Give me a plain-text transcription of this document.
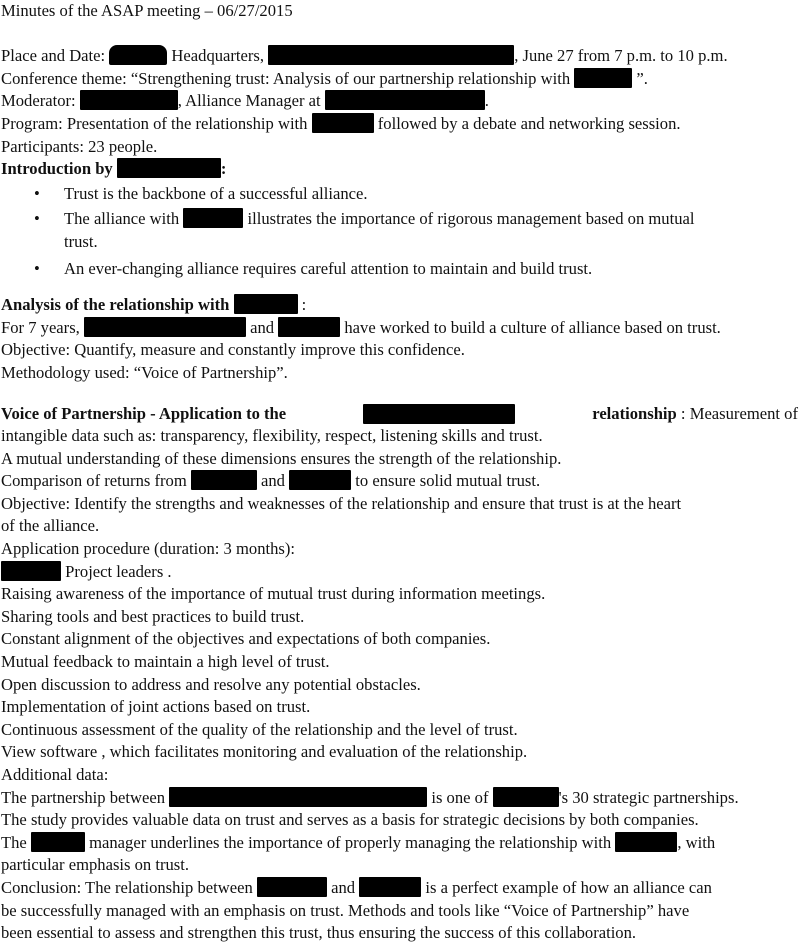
Minutes of the ASAP meeting – 06/27/2015
Place and Date:	Headquarters,	, June 27 from 7 p.m. to 10 p.m.
Conference theme: “Strengthening trust: Analysis of our partnership relationship with	”.
Moderator:	, Alliance Manager at	.
Program: Presentation of the relationship with	followed by a debate and networking session.
Participants: 23 people.
Introduction by	:
• Trust is the backbone of a successful alliance.
• The alliance with	illustrates the importance of rigorous management based on mutual
trust.
• An ever-changing alliance requires careful attention to maintain and build trust.
Analysis of the relationship with	:
For 7 years,	and	have worked to build a culture of alliance based on trust.
Objective: Quantify, measure and constantly improve this confidence.
Methodology used: “Voice of Partnership”.
Voice of Partnership - Application to the	relationship : Measurement of
intangible data such as: transparency, flexibility, respect, listening skills and trust.
A mutual understanding of these dimensions ensures the strength of the relationship.
Comparison of returns from	and	to ensure solid mutual trust.
Objective: Identify the strengths and weaknesses of the relationship and ensure that trust is at the heart
of the alliance.
Application procedure (duration: 3 months):
Project leaders .
Raising awareness of the importance of mutual trust during information meetings.
Sharing tools and best practices to build trust.
Constant alignment of the objectives and expectations of both companies.
Mutual feedback to maintain a high level of trust.
Open discussion to address and resolve any potential obstacles.
Implementation of joint actions based on trust.
Continuous assessment of the quality of the relationship and the level of trust.
View software , which facilitates monitoring and evaluation of the relationship.
Additional data:
The partnership between	is one of	's 30 strategic partnerships.
The study provides valuable data on trust and serves as a basis for strategic decisions by both companies.
The	manager underlines the importance of properly managing the relationship with	, with
particular emphasis on trust.
Conclusion: The relationship between	and	is a perfect example of how an alliance can
be successfully managed with an emphasis on trust. Methods and tools like “Voice of Partnership” have
been essential to assess and strengthen this trust, thus ensuring the success of this collaboration.
